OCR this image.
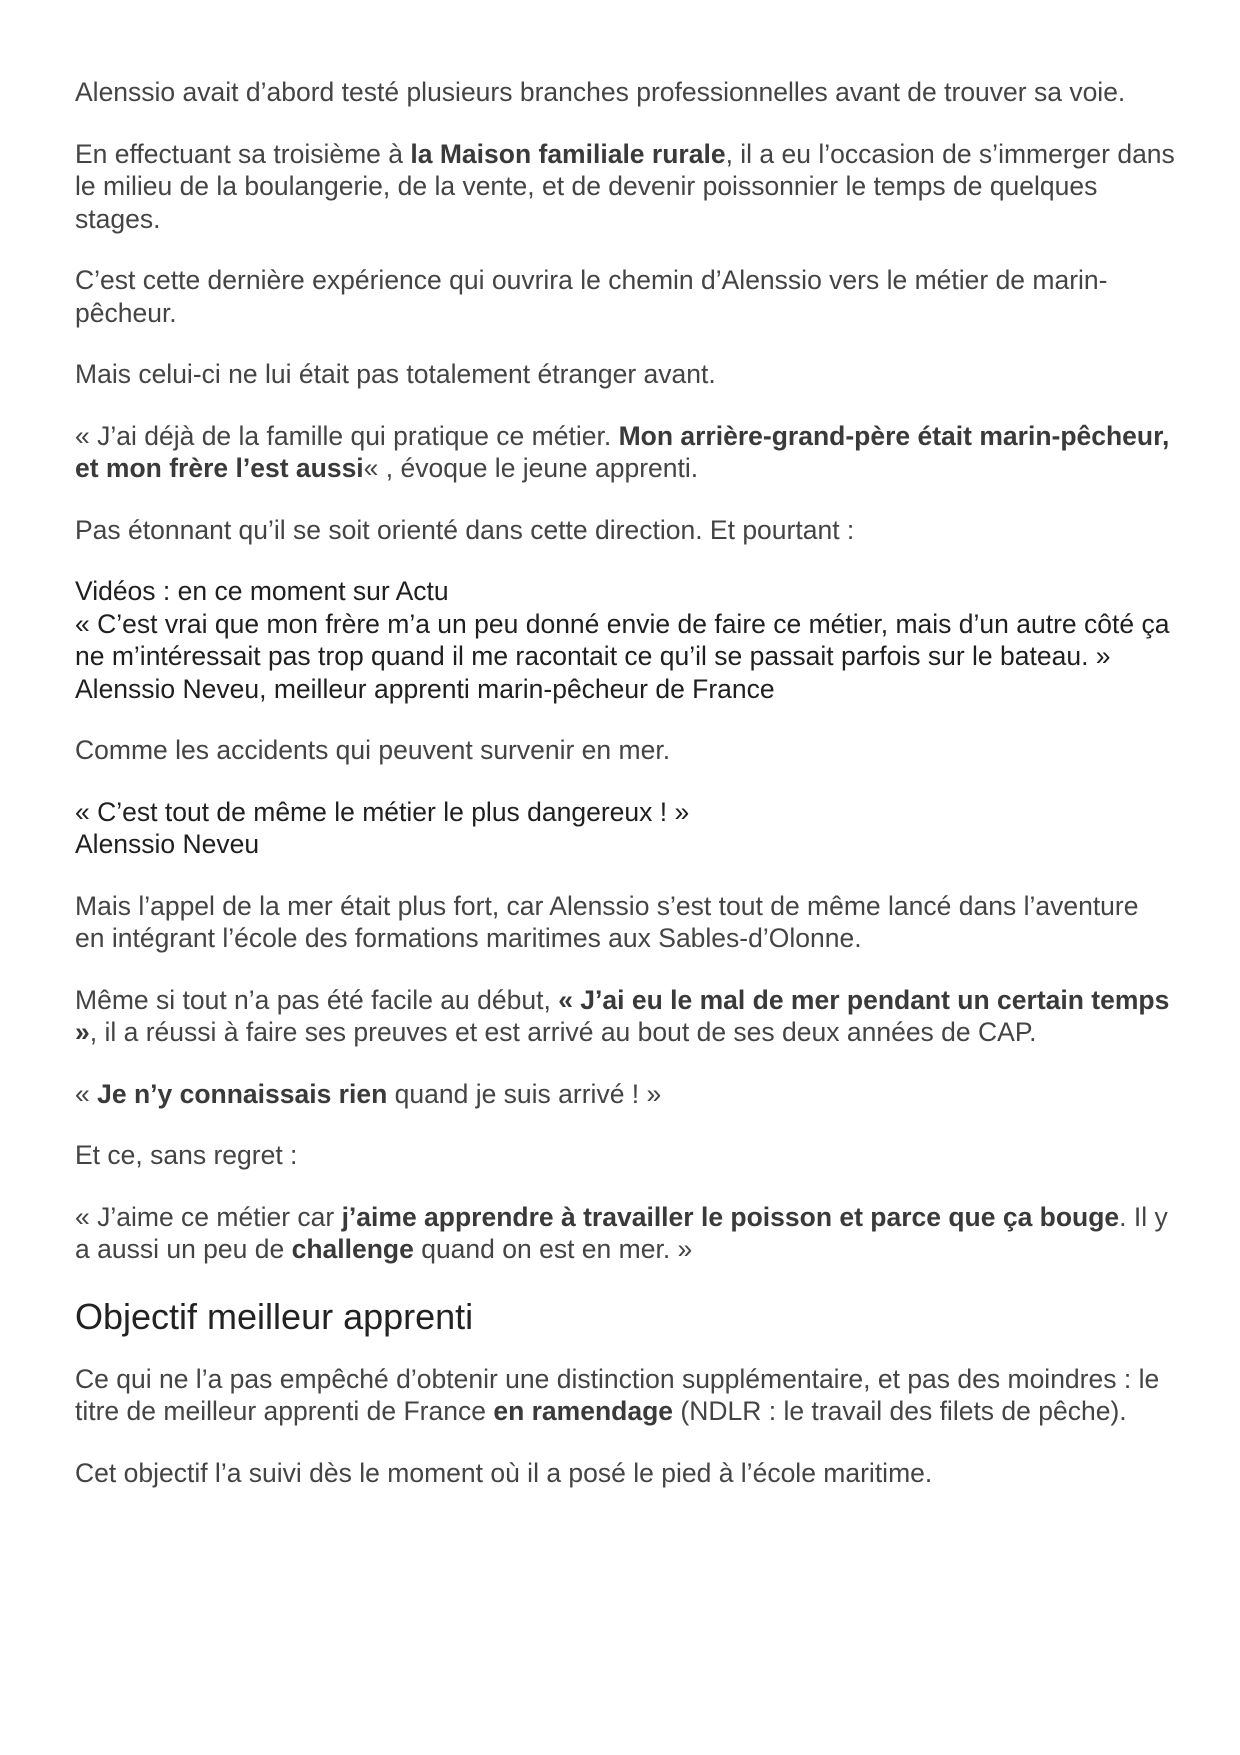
Alenssio avait d’abord testé plusieurs branches professionnelles avant de trouver sa voie.

En effectuant sa troisième à la Maison familiale rurale, il a eu l’occasion de s’immerger dans le milieu de la boulangerie, de la vente, et de devenir poissonnier le temps de quelques stages.

C’est cette dernière expérience qui ouvrira le chemin d’Alenssio vers le métier de marin-pêcheur.

Mais celui-ci ne lui était pas totalement étranger avant.

« J’ai déjà de la famille qui pratique ce métier. Mon arrière-grand-père était marin-pêcheur, et mon frère l’est aussi« , évoque le jeune apprenti.

Pas étonnant qu’il se soit orienté dans cette direction. Et pourtant :

Vidéos : en ce moment sur Actu
« C’est vrai que mon frère m’a un peu donné envie de faire ce métier, mais d’un autre côté ça ne m’intéressait pas trop quand il me racontait ce qu’il se passait parfois sur le bateau. »
Alenssio Neveu, meilleur apprenti marin-pêcheur de France

Comme les accidents qui peuvent survenir en mer.

« C’est tout de même le métier le plus dangereux ! »
Alenssio Neveu

Mais l’appel de la mer était plus fort, car Alenssio s’est tout de même lancé dans l’aventure en intégrant l’école des formations maritimes aux Sables-d’Olonne.

Même si tout n’a pas été facile au début, « J’ai eu le mal de mer pendant un certain temps », il a réussi à faire ses preuves et est arrivé au bout de ses deux années de CAP.

« Je n’y connaissais rien quand je suis arrivé ! »

Et ce, sans regret :

« J’aime ce métier car j’aime apprendre à travailler le poisson et parce que ça bouge. Il y a aussi un peu de challenge quand on est en mer. »

Objectif meilleur apprenti

Ce qui ne l’a pas empêché d’obtenir une distinction supplémentaire, et pas des moindres : le titre de meilleur apprenti de France en ramendage (NDLR : le travail des filets de pêche).

Cet objectif l’a suivi dès le moment où il a posé le pied à l’école maritime.
